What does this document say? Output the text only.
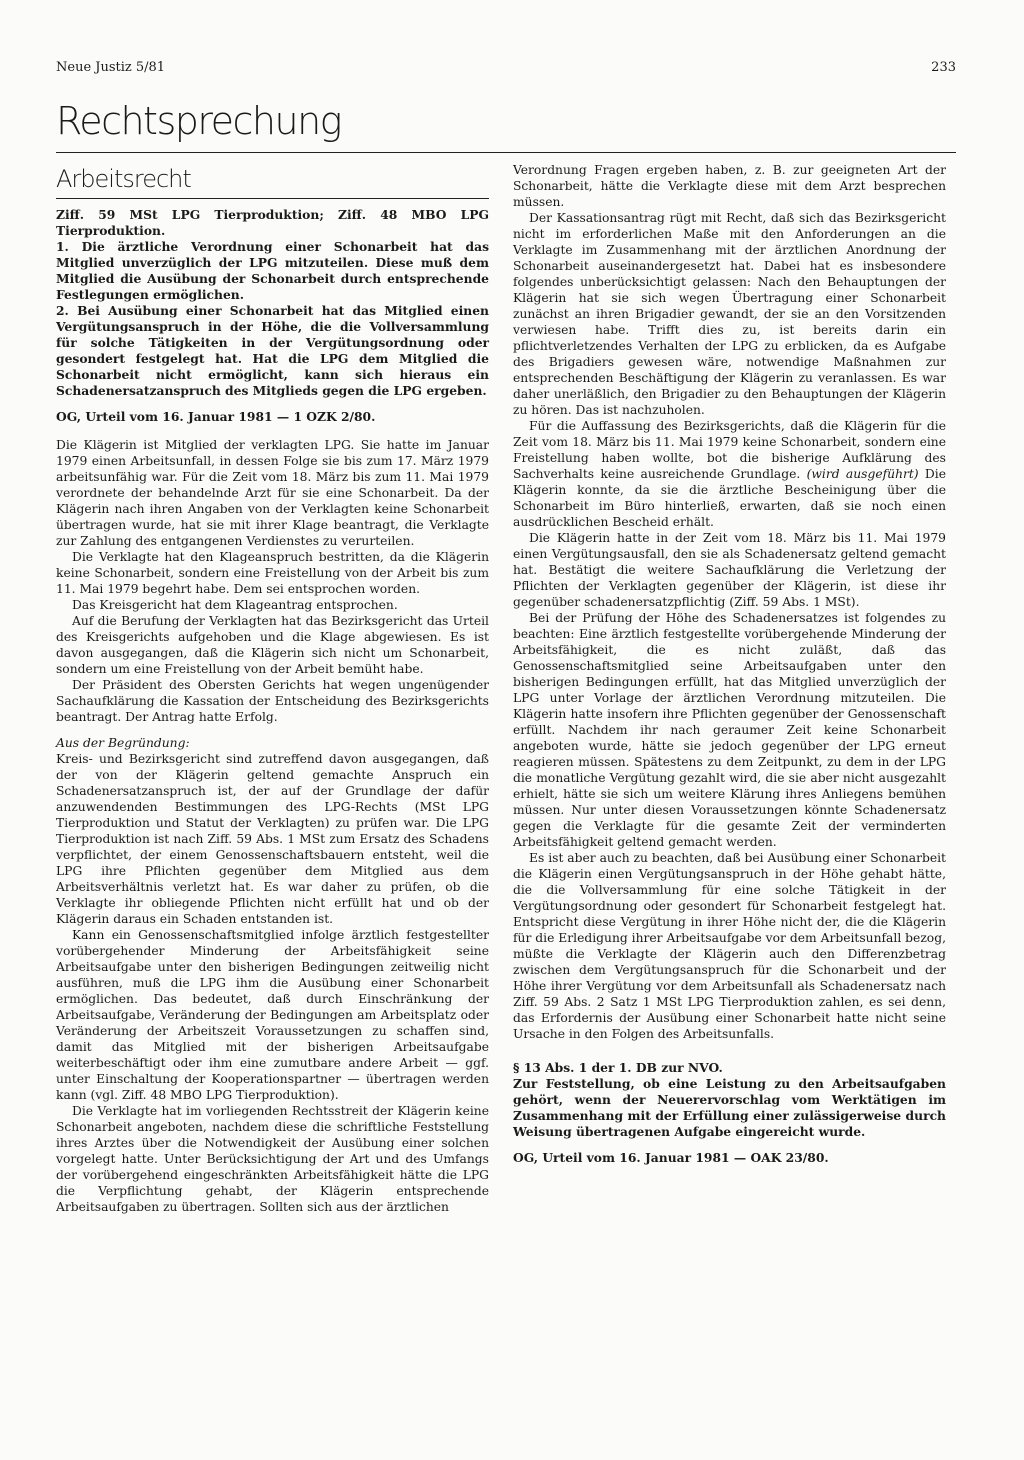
Neue Justiz 5/81	233
Rechtsprechung
Arbeitsrecht

Ziff. 59 MSt LPG Tierproduktion; Ziff. 48 MBO LPG Tierproduktion.

1. Die ärztliche Verordnung einer Schonarbeit hat das Mitglied unverzüglich der LPG mitzuteilen. Diese muß dem Mitglied die Ausübung der Schonarbeit durch entsprechende Festlegungen ermöglichen.

2. Bei Ausübung einer Schonarbeit hat das Mitglied einen Vergütungsanspruch in der Höhe, die die Vollversammlung für solche Tätigkeiten in der Vergütungsordnung oder gesondert festgelegt hat. Hat die LPG dem Mitglied die Schonarbeit nicht ermöglicht, kann sich hieraus ein Schadenersatzanspruch des Mitglieds gegen die LPG ergeben.

OG, Urteil vom 16. Januar 1981 — 1 OZK 2/80.

Die Klägerin ist Mitglied der verklagten LPG. Sie hatte im Januar 1979 einen Arbeitsunfall, in dessen Folge sie bis zum 17. März 1979 arbeitsunfähig war. Für die Zeit vom 18. März bis zum 11. Mai 1979 verordnete der behandelnde Arzt für sie eine Schonarbeit. Da der Klägerin nach ihren Angaben von der Verklagten keine Schonarbeit übertragen wurde, hat sie mit ihrer Klage beantragt, die Verklagte zur Zahlung des entgangenen Verdienstes zu verurteilen.

Die Verklagte hat den Klageanspruch bestritten, da die Klägerin keine Schonarbeit, sondern eine Freistellung von der Arbeit bis zum 11. Mai 1979 begehrt habe. Dem sei entsprochen worden.

Das Kreisgericht hat dem Klageantrag entsprochen.

Auf die Berufung der Verklagten hat das Bezirksgericht das Urteil des Kreisgerichts aufgehoben und die Klage abgewiesen. Es ist davon ausgegangen, daß die Klägerin sich nicht um Schonarbeit, sondern um eine Freistellung von der Arbeit bemüht habe.

Der Präsident des Obersten Gerichts hat wegen ungenügender Sachaufklärung die Kassation der Entscheidung des Bezirksgerichts beantragt. Der Antrag hatte Erfolg.

Aus der Begründung:

Kreis- und Bezirksgericht sind zutreffend davon ausgegangen, daß der von der Klägerin geltend gemachte Anspruch ein Schadenersatzanspruch ist, der auf der Grundlage der dafür anzuwendenden Bestimmungen des LPG-Rechts (MSt LPG Tierproduktion und Statut der Verklagten) zu prüfen war. Die LPG Tierproduktion ist nach Ziff. 59 Abs. 1 MSt zum Ersatz des Schadens verpflichtet, der einem Genossenschaftsbauern entsteht, weil die LPG ihre Pflichten gegenüber dem Mitglied aus dem Arbeitsverhältnis verletzt hat. Es war daher zu prüfen, ob die Verklagte ihr obliegende Pflichten nicht erfüllt hat und ob der Klägerin daraus ein Schaden entstanden ist.

Kann ein Genossenschaftsmitglied infolge ärztlich festgestellter vorübergehender Minderung der Arbeitsfähigkeit seine Arbeitsaufgabe unter den bisherigen Bedingungen zeitweilig nicht ausführen, muß die LPG ihm die Ausübung einer Schonarbeit ermöglichen. Das bedeutet, daß durch Einschränkung der Arbeitsaufgabe, Veränderung der Bedingungen am Arbeitsplatz oder Veränderung der Arbeitszeit Voraussetzungen zu schaffen sind, damit das Mitglied mit der bisherigen Arbeitsaufgabe weiterbeschäftigt oder ihm eine zumutbare andere Arbeit — ggf. unter Einschaltung der Kooperationspartner — übertragen werden kann (vgl. Ziff. 48 MBO LPG Tierproduktion).

Die Verklagte hat im vorliegenden Rechtsstreit der Klägerin keine Schonarbeit angeboten, nachdem diese die schriftliche Feststellung ihres Arztes über die Notwendigkeit der Ausübung einer solchen vorgelegt hatte. Unter Berücksichtigung der Art und des Umfangs der vorübergehend eingeschränkten Arbeitsfähigkeit hätte die LPG die Verpflichtung gehabt, der Klägerin entsprechende Arbeitsaufgaben zu übertragen. Sollten sich aus der ärztlichen

Verordnung Fragen ergeben haben, z. B. zur geeigneten Art der Schonarbeit, hätte die Verklagte diese mit dem Arzt besprechen müssen.

Der Kassationsantrag rügt mit Recht, daß sich das Bezirksgericht nicht im erforderlichen Maße mit den Anforderungen an die Verklagte im Zusammenhang mit der ärztlichen Anordnung der Schonarbeit auseinandergesetzt hat. Dabei hat es insbesondere folgendes unberücksichtigt gelassen: Nach den Behauptungen der Klägerin hat sie sich wegen Übertragung einer Schonarbeit zunächst an ihren Brigadier gewandt, der sie an den Vorsitzenden verwiesen habe. Trifft dies zu, ist bereits darin ein pflichtverletzendes Verhalten der LPG zu erblicken, da es Aufgabe des Brigadiers gewesen wäre, notwendige Maßnahmen zur entsprechenden Beschäftigung der Klägerin zu veranlassen. Es war daher unerläßlich, den Brigadier zu den Behauptungen der Klägerin zu hören. Das ist nachzuholen.

Für die Auffassung des Bezirksgerichts, daß die Klägerin für die Zeit vom 18. März bis 11. Mai 1979 keine Schonarbeit, sondern eine Freistellung haben wollte, bot die bisherige Aufklärung des Sachverhalts keine ausreichende Grundlage. (wird ausgeführt) Die Klägerin konnte, da sie die ärztliche Bescheinigung über die Schonarbeit im Büro hinterließ, erwarten, daß sie noch einen ausdrücklichen Bescheid erhält.

Die Klägerin hatte in der Zeit vom 18. März bis 11. Mai 1979 einen Vergütungsausfall, den sie als Schadenersatz geltend gemacht hat. Bestätigt die weitere Sachaufklärung die Verletzung der Pflichten der Verklagten gegenüber der Klägerin, ist diese ihr gegenüber schadenersatzpflichtig (Ziff. 59 Abs. 1 MSt).

Bei der Prüfung der Höhe des Schadenersatzes ist folgendes zu beachten: Eine ärztlich festgestellte vorübergehende Minderung der Arbeitsfähigkeit, die es nicht zuläßt, daß das Genossenschaftsmitglied seine Arbeitsaufgaben unter den bisherigen Bedingungen erfüllt, hat das Mitglied unverzüglich der LPG unter Vorlage der ärztlichen Verordnung mitzuteilen. Die Klägerin hatte insofern ihre Pflichten gegenüber der Genossenschaft erfüllt. Nachdem ihr nach geraumer Zeit keine Schonarbeit angeboten wurde, hätte sie jedoch gegenüber der LPG erneut reagieren müssen. Spätestens zu dem Zeitpunkt, zu dem in der LPG die monatliche Vergütung gezahlt wird, die sie aber nicht ausgezahlt erhielt, hätte sie sich um weitere Klärung ihres Anliegens bemühen müssen. Nur unter diesen Voraussetzungen könnte Schadenersatz gegen die Verklagte für die gesamte Zeit der verminderten Arbeitsfähigkeit geltend gemacht werden.

Es ist aber auch zu beachten, daß bei Ausübung einer Schonarbeit die Klägerin einen Vergütungsanspruch in der Höhe gehabt hätte, die die Vollversammlung für eine solche Tätigkeit in der Vergütungsordnung oder gesondert für Schonarbeit festgelegt hat. Entspricht diese Vergütung in ihrer Höhe nicht der, die die Klägerin für die Erledigung ihrer Arbeitsaufgabe vor dem Arbeitsunfall bezog, müßte die Verklagte der Klägerin auch den Differenzbetrag zwischen dem Vergütungsanspruch für die Schonarbeit und der Höhe ihrer Vergütung vor dem Arbeitsunfall als Schadenersatz nach Ziff. 59 Abs. 2 Satz 1 MSt LPG Tierproduktion zahlen, es sei denn, das Erfordernis der Ausübung einer Schonarbeit hatte nicht seine Ursache in den Folgen des Arbeitsunfalls.

§ 13 Abs. 1 der 1. DB zur NVO.

Zur Feststellung, ob eine Leistung zu den Arbeitsaufgaben gehört, wenn der Neuerervorschlag vom Werktätigen im Zusammenhang mit der Erfüllung einer zulässigerweise durch Weisung übertragenen Aufgabe eingereicht wurde.

OG, Urteil vom 16. Januar 1981 — OAK 23/80.
